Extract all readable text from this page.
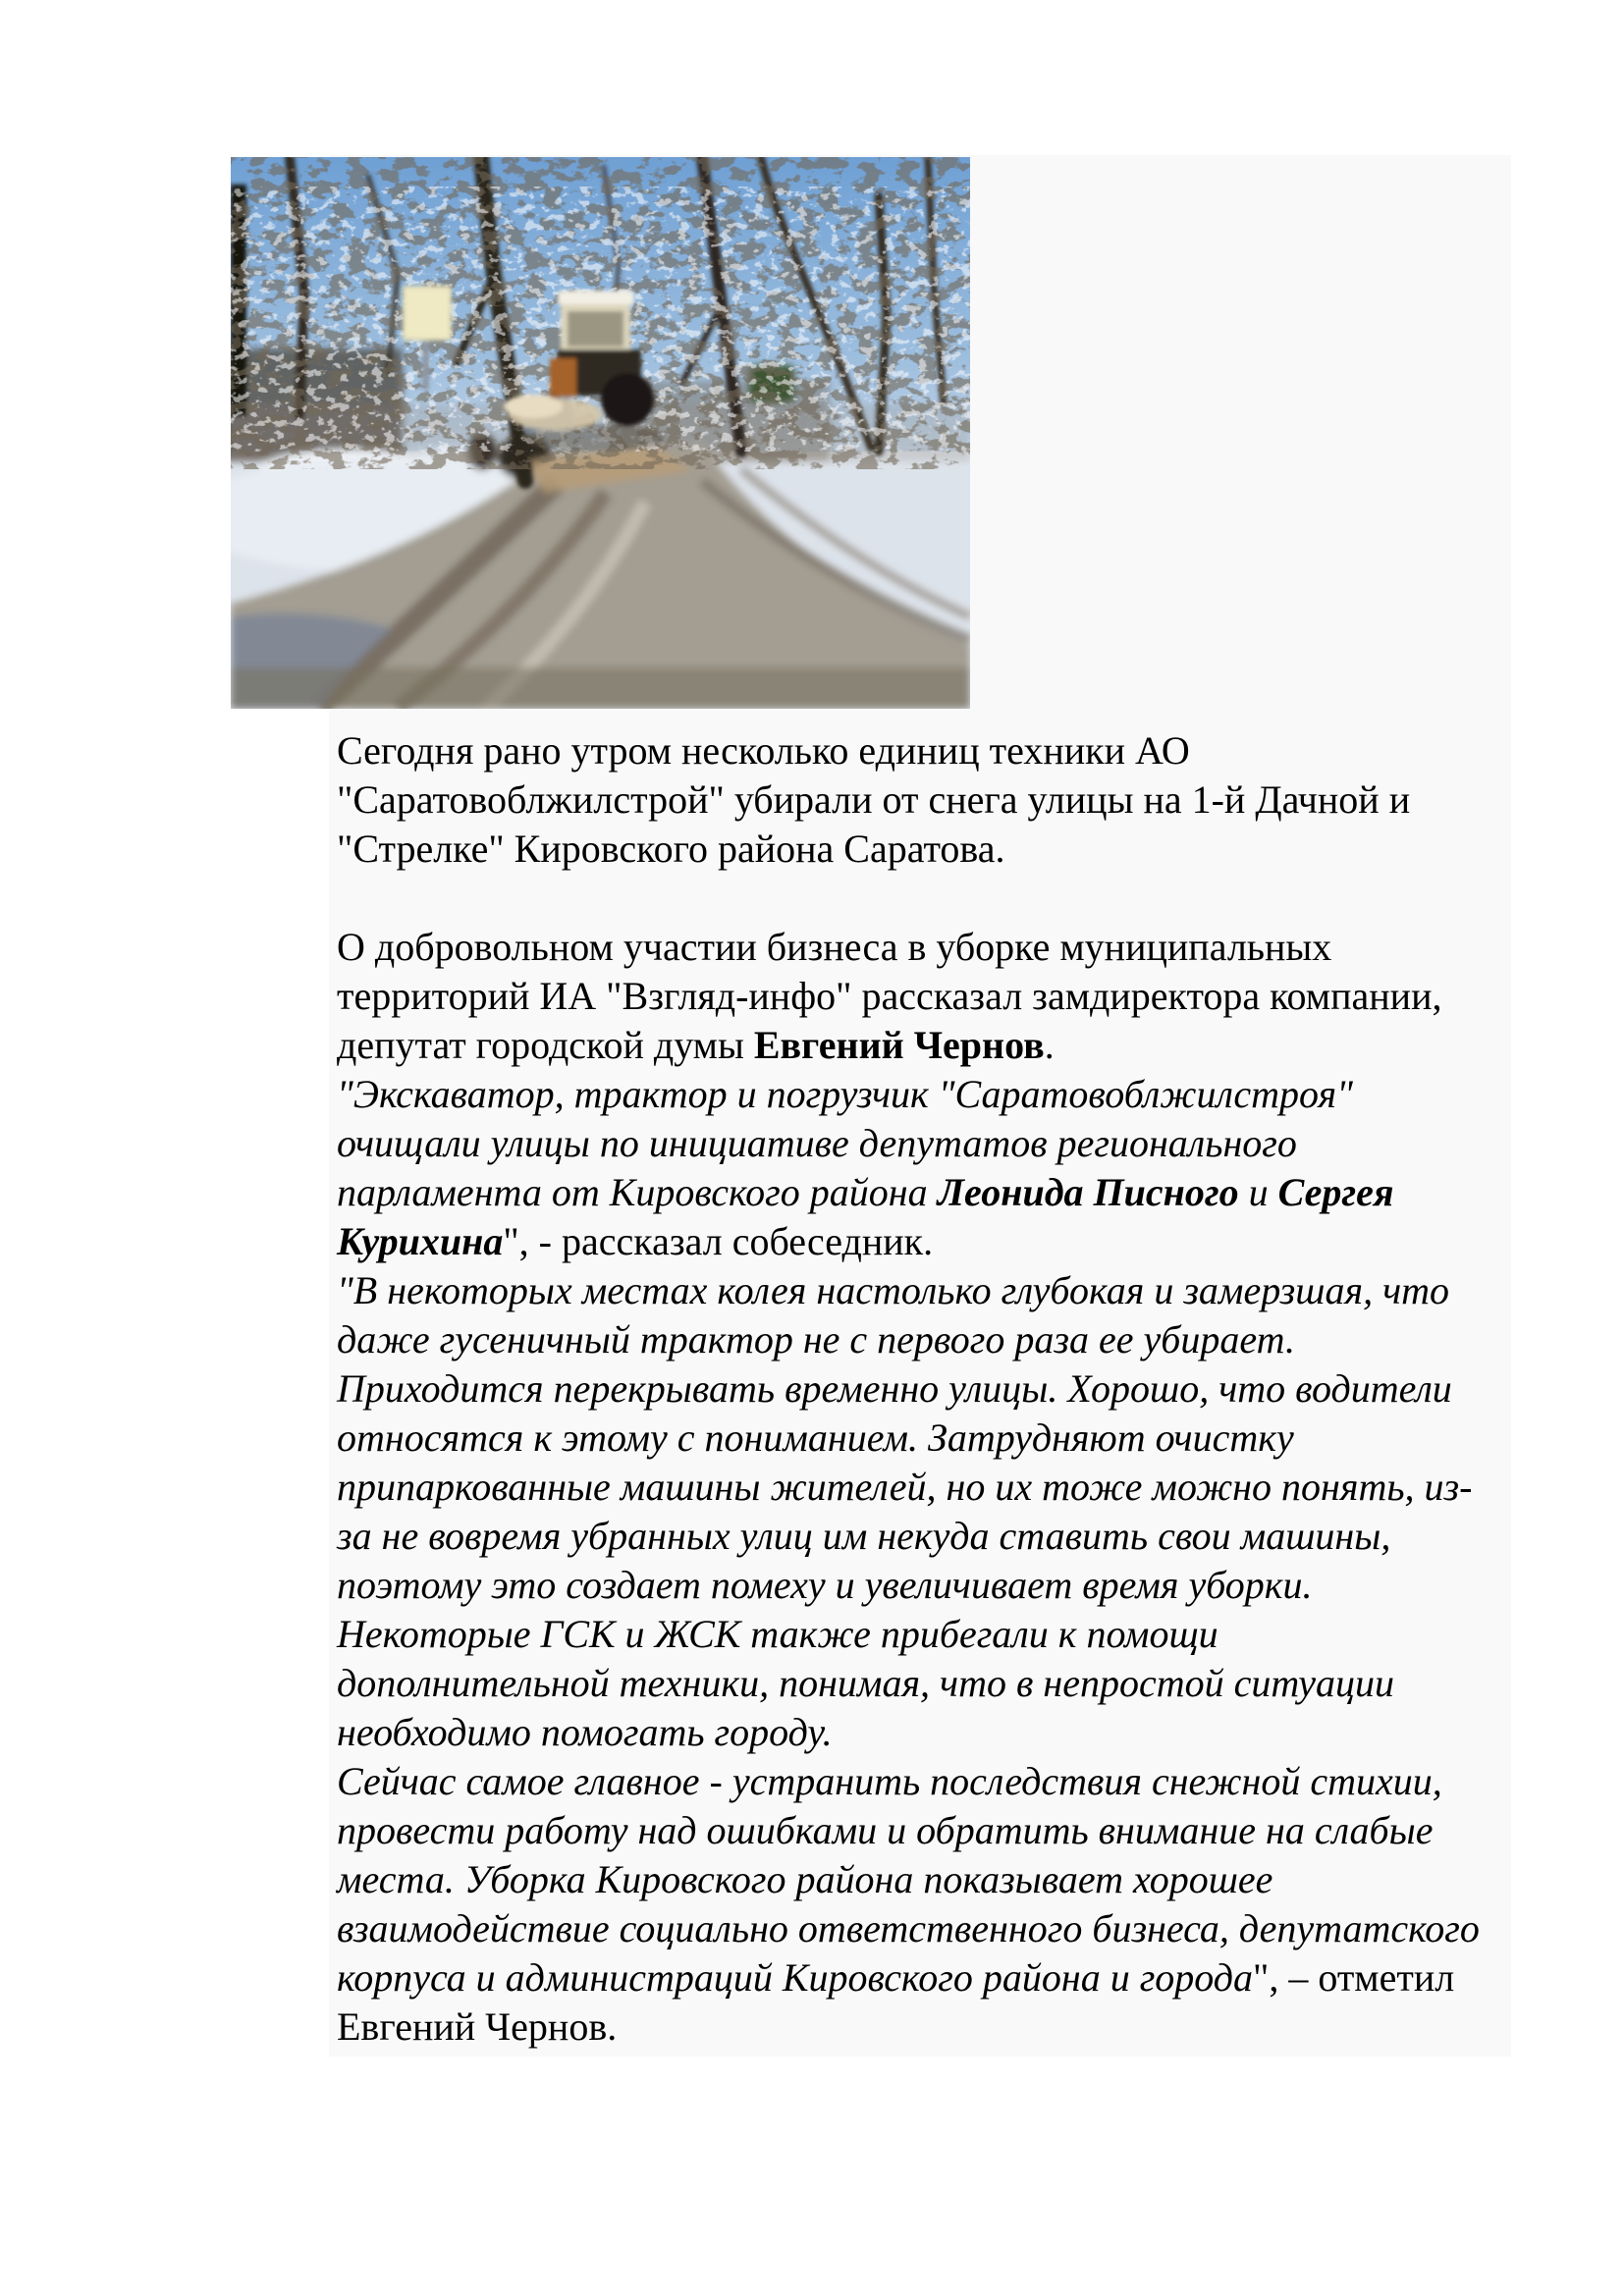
Сегодня рано утром несколько единиц техники АО
"Саратовоблжилстрой" убирали от снега улицы на 1-й Дачной и
"Стрелке" Кировского района Саратова.
О добровольном участии бизнеса в уборке муниципальных
территорий ИА "Взгляд-инфо" рассказал замдиректора компании,
депутат городской думы Евгений Чернов.
"Экскаватор, трактор и погрузчик "Саратовоблжилстроя"
очищали улицы по инициативе депутатов регионального
парламента от Кировского района Леонида Писного и Сергея
Курихина", - рассказал собеседник.
"В некоторых местах колея настолько глубокая и замерзшая, что
даже гусеничный трактор не с первого раза ее убирает.
Приходится перекрывать временно улицы. Хорошо, что водители
относятся к этому с пониманием. Затрудняют очистку
припаркованные машины жителей, но их тоже можно понять, из-
за не вовремя убранных улиц им некуда ставить свои машины,
поэтому это создает помеху и увеличивает время уборки.
Некоторые ГСК и ЖСК также прибегали к помощи
дополнительной техники, понимая, что в непростой ситуации
необходимо помогать городу.
Сейчас самое главное - устранить последствия снежной стихии,
провести работу над ошибками и обратить внимание на слабые
места. Уборка Кировского района показывает хорошее
взаимодействие социально ответственного бизнеса, депутатского
корпуса и администраций Кировского района и города", – отметил
Евгений Чернов.
